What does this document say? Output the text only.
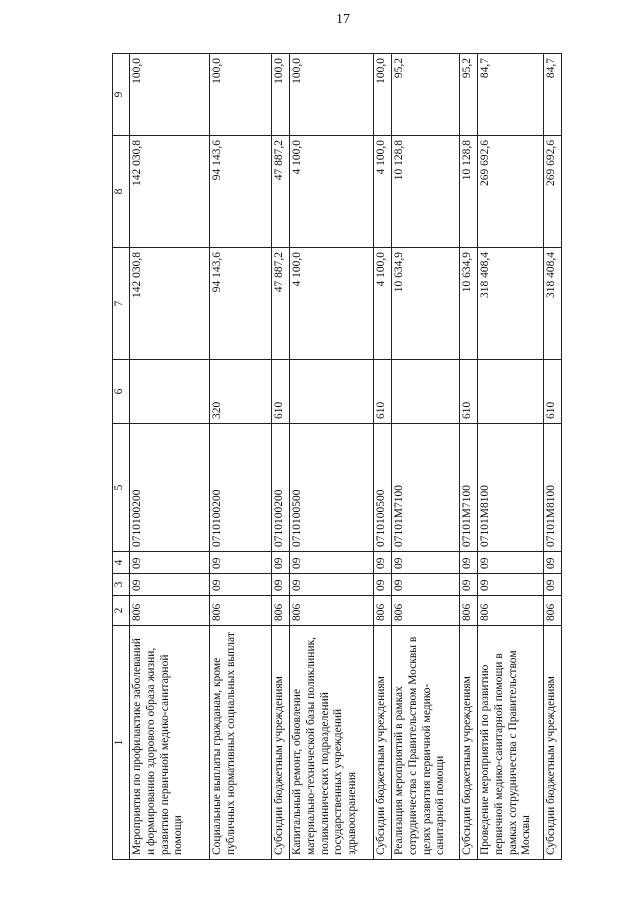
17
1	2	3	4	5	6	7	8	9
Мероприятия по профилактике заболеваний и формированию здорового образа жизни, развитию первичной медико-санитарной помощи	806	09	09	0710100200		142 030,8	142 030,8	100,0
Социальные выплаты гражданам, кроме публичных нормативных социальных выплат	806	09	09	0710100200	320	94 143,6	94 143,6	100,0
Субсидии бюджетным учреждениям	806	09	09	0710100200	610	47 887,2	47 887,2	100,0
Капитальный ремонт, обновление материально-технической базы поликлиник, поликлинических подразделений государственных учреждений здравоохранения	806	09	09	0710100500		4 100,0	4 100,0	100,0
Субсидии бюджетным учреждениям	806	09	09	0710100500	610	4 100,0	4 100,0	100,0
Реализация мероприятий в рамках сотрудничества с Правительством Москвы в целях развития первичной медико-санитарной помощи	806	09	09	07101M7100		10 634,9	10 128,8	95,2
Субсидии бюджетным учреждениям	806	09	09	07101M7100	610	10 634,9	10 128,8	95,2
Проведение мероприятий по развитию первичной медико-санитарной помощи в рамках сотрудничества с Правительством Москвы	806	09	09	07101M8100		318 408,4	269 692,6	84,7
Субсидии бюджетным учреждениям	806	09	09	07101M8100	610	318 408,4	269 692,6	84,7
